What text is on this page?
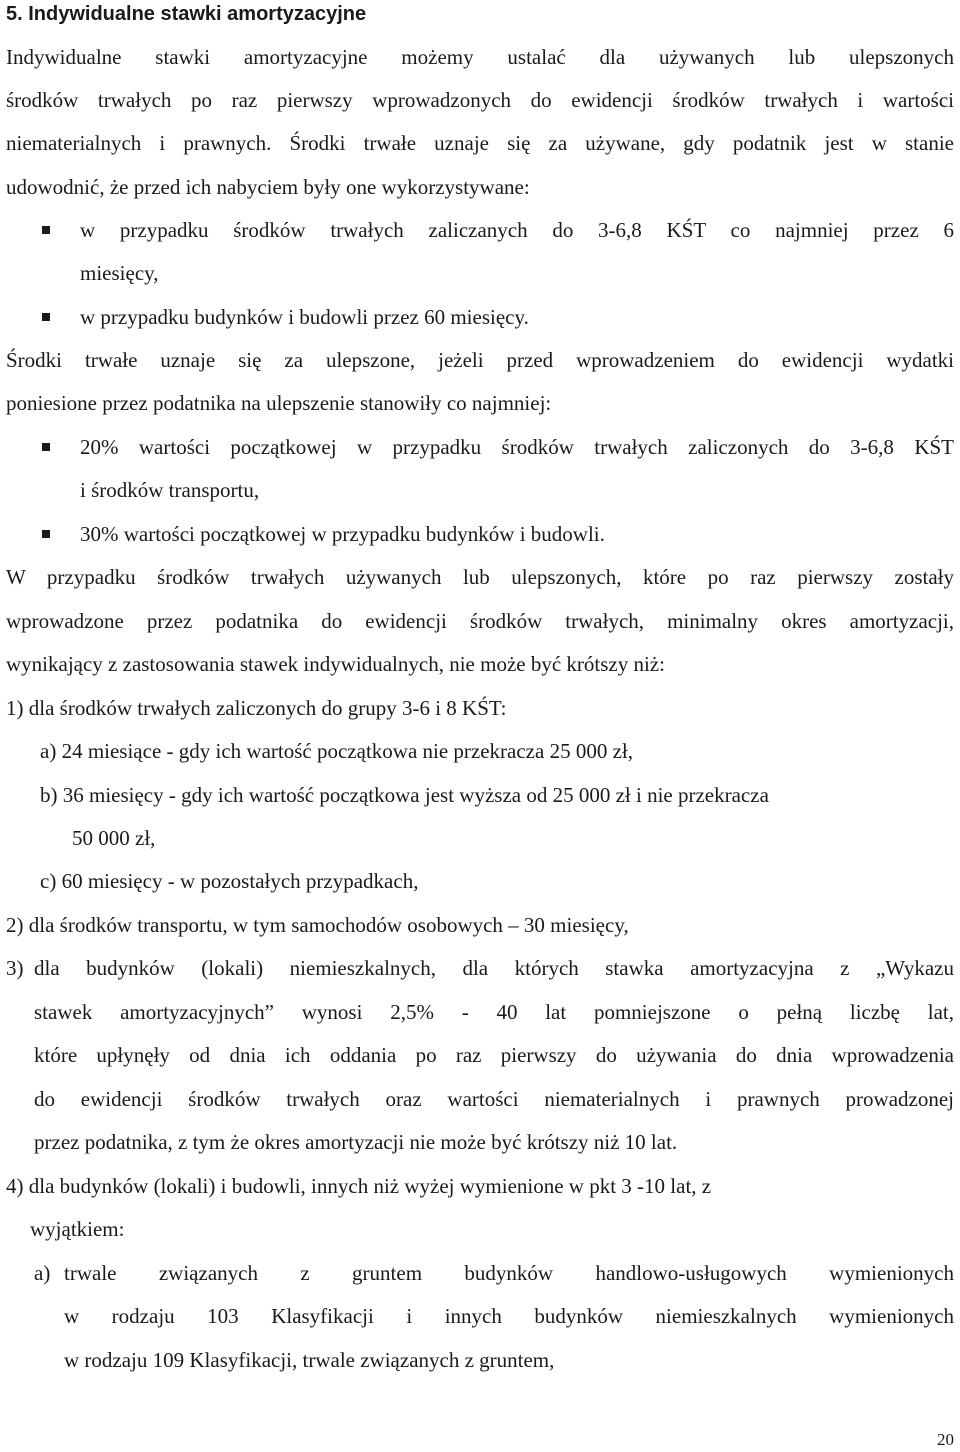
5. Indywidualne stawki amortyzacyjne
Indywidualne stawki amortyzacyjne możemy ustalać dla używanych lub ulepszonych
środków trwałych po raz pierwszy wprowadzonych do ewidencji środków trwałych i wartości
niematerialnych i prawnych. Środki trwałe uznaje się za używane, gdy podatnik jest w stanie
udowodnić, że przed ich nabyciem były one wykorzystywane:
w przypadku środków trwałych zaliczanych do 3-6,8 KŚT co najmniej przez 6
miesięcy,
w przypadku budynków i budowli przez 60 miesięcy.
Środki trwałe uznaje się za ulepszone, jeżeli przed wprowadzeniem do ewidencji wydatki
poniesione przez podatnika na ulepszenie stanowiły co najmniej:
20% wartości początkowej w przypadku środków trwałych zaliczonych do 3-6,8 KŚT
i środków transportu,
30% wartości początkowej w przypadku budynków i budowli.
W przypadku środków trwałych używanych lub ulepszonych, które po raz pierwszy zostały
wprowadzone przez podatnika do ewidencji środków trwałych, minimalny okres amortyzacji,
wynikający z zastosowania stawek indywidualnych, nie może być krótszy niż:
1) dla środków trwałych zaliczonych do grupy 3-6 i 8 KŚT:
a) 24 miesiące - gdy ich wartość początkowa nie przekracza 25 000 zł,
b) 36 miesięcy - gdy ich wartość początkowa jest wyższa od 25 000 zł i nie przekracza
50 000 zł,
c) 60 miesięcy - w pozostałych przypadkach,
2) dla środków transportu, w tym samochodów osobowych – 30 miesięcy,
3) dla budynków (lokali) niemieszkalnych, dla których stawka amortyzacyjna z „Wykazu
stawek amortyzacyjnych” wynosi 2,5% - 40 lat pomniejszone o pełną liczbę lat,
które upłynęły od dnia ich oddania po raz pierwszy do używania do dnia wprowadzenia
do ewidencji środków trwałych oraz wartości niematerialnych i prawnych prowadzonej
przez podatnika, z tym że okres amortyzacji nie może być krótszy niż 10 lat.
4) dla budynków (lokali) i budowli, innych niż wyżej wymienione w pkt 3 -10 lat, z
wyjątkiem:
a) trwale związanych z gruntem budynków handlowo-usługowych wymienionych
w rodzaju 103 Klasyfikacji i innych budynków niemieszkalnych wymienionych
w rodzaju 109 Klasyfikacji, trwale związanych z gruntem,
20
